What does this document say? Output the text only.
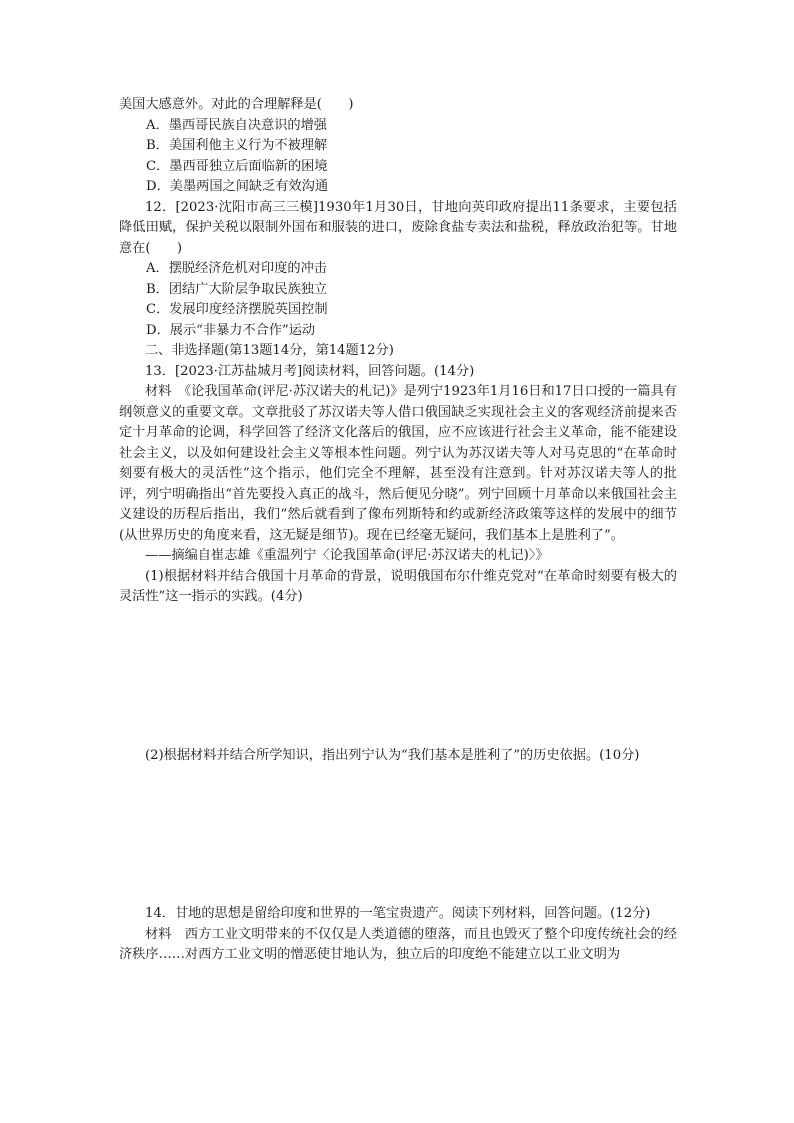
美国大感意外。对此的合理解释是(　　)
A．墨西哥民族自决意识的增强
B．美国利他主义行为不被理解
C．墨西哥独立后面临新的困境
D．美墨两国之间缺乏有效沟通
12．[2023·沈阳市高三三模]1930年1月30日，甘地向英印政府提出11条要求，主要包括降低田赋，保护关税以限制外国布和服装的进口，废除食盐专卖法和盐税，释放政治犯等。甘地意在(　　)
A．摆脱经济危机对印度的冲击
B．团结广大阶层争取民族独立
C．发展印度经济摆脱英国控制
D．展示“非暴力不合作”运动
二、非选择题(第13题14分，第14题12分)
13．[2023·江苏盐城月考]阅读材料，回答问题。(14分)
材料　《论我国革命(评尼·苏汉诺夫的札记)》是列宁1923年1月16日和17日口授的一篇具有纲领意义的重要文章。文章批驳了苏汉诺夫等人借口俄国缺乏实现社会主义的客观经济前提来否定十月革命的论调，科学回答了经济文化落后的俄国，应不应该进行社会主义革命，能不能建设社会主义，以及如何建设社会主义等根本性问题。列宁认为苏汉诺夫等人对马克思的“在革命时刻要有极大的灵活性”这个指示，他们完全不理解，甚至没有注意到。针对苏汉诺夫等人的批评，列宁明确指出“首先要投入真正的战斗，然后便见分晓”。列宁回顾十月革命以来俄国社会主义建设的历程后指出，我们“然后就看到了像布列斯特和约或新经济政策等这样的发展中的细节(从世界历史的角度来看，这无疑是细节)。现在已经毫无疑问，我们基本上是胜利了”。
——摘编自崔志雄《重温列宁〈论我国革命(评尼·苏汉诺夫的札记)〉》
(1)根据材料并结合俄国十月革命的背景，说明俄国布尔什维克党对“在革命时刻要有极大的灵活性”这一指示的实践。(4分)
(2)根据材料并结合所学知识，指出列宁认为“我们基本是胜利了”的历史依据。(10分)
14．甘地的思想是留给印度和世界的一笔宝贵遗产。阅读下列材料，回答问题。(12分)
材料　西方工业文明带来的不仅仅是人类道德的堕落，而且也毁灭了整个印度传统社会的经济秩序……对西方工业文明的憎恶使甘地认为，独立后的印度绝不能建立以工业文明为
